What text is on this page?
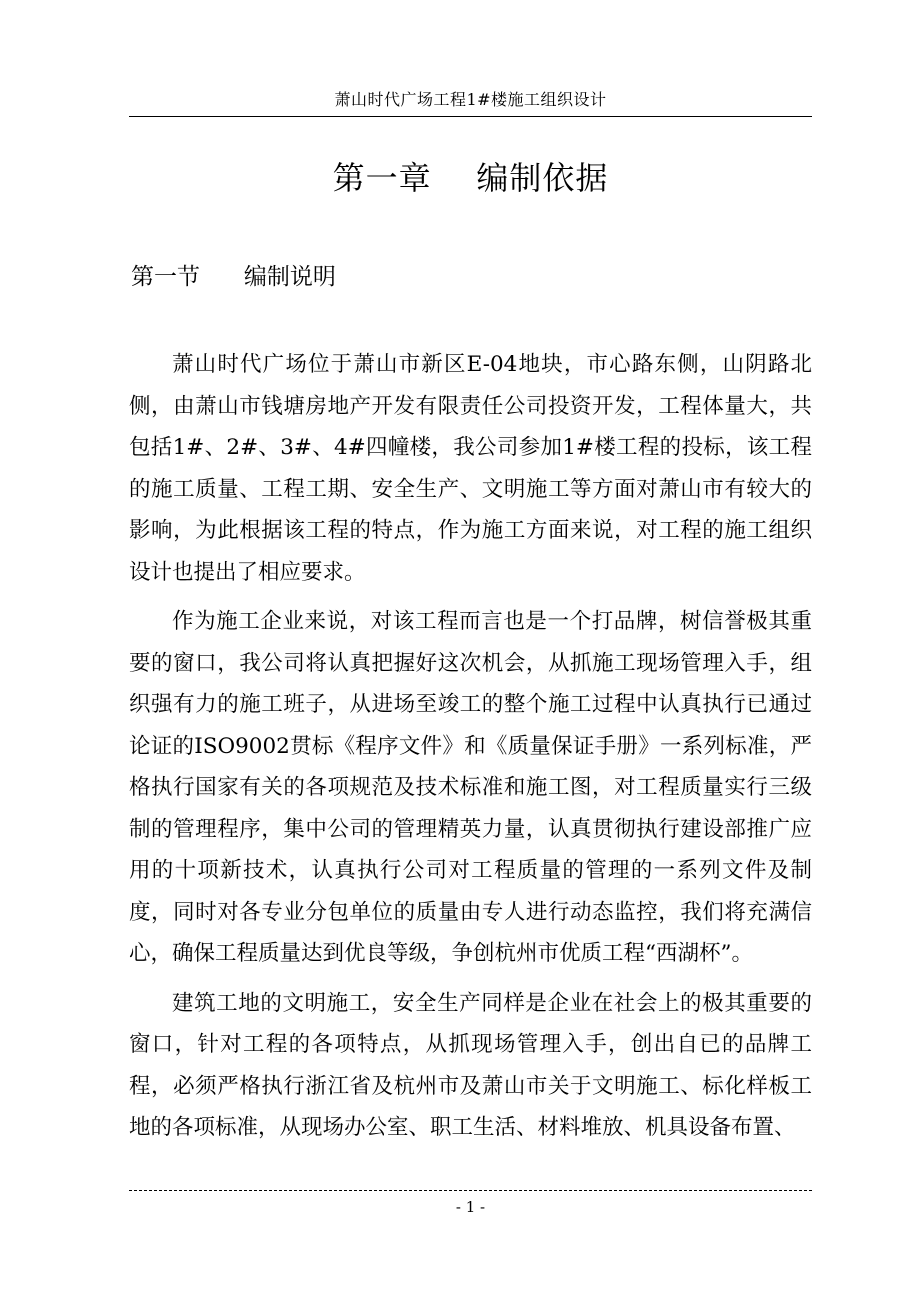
萧山时代广场工程1#楼施工组织设计
第一章    编制依据
第一节      编制说明

萧山时代广场位于萧山市新区E-04地块，市心路东侧，山阴路北侧，由萧山市钱塘房地产开发有限责任公司投资开发，工程体量大，共包括1#、2#、3#、4#四幢楼，我公司参加1#楼工程的投标，该工程的施工质量、工程工期、安全生产、文明施工等方面对萧山市有较大的影响，为此根据该工程的特点，作为施工方面来说，对工程的施工组织设计也提出了相应要求。

作为施工企业来说，对该工程而言也是一个打品牌，树信誉极其重要的窗口，我公司将认真把握好这次机会，从抓施工现场管理入手，组织强有力的施工班子，从进场至竣工的整个施工过程中认真执行已通过论证的ISO9002贯标《程序文件》和《质量保证手册》一系列标准，严格执行国家有关的各项规范及技术标准和施工图，对工程质量实行三级制的管理程序，集中公司的管理精英力量，认真贯彻执行建设部推广应用的十项新技术，认真执行公司对工程质量的管理的一系列文件及制度，同时对各专业分包单位的质量由专人进行动态监控，我们将充满信心，确保工程质量达到优良等级，争创杭州市优质工程“西湖杯”。

建筑工地的文明施工，安全生产同样是企业在社会上的极其重要的窗口，针对工程的各项特点，从抓现场管理入手，创出自已的品牌工程，必须严格执行浙江省及杭州市及萧山市关于文明施工、标化样板工地的各项标准，从现场办公室、职工生活、材料堆放、机具设备布置、

- 1 -
